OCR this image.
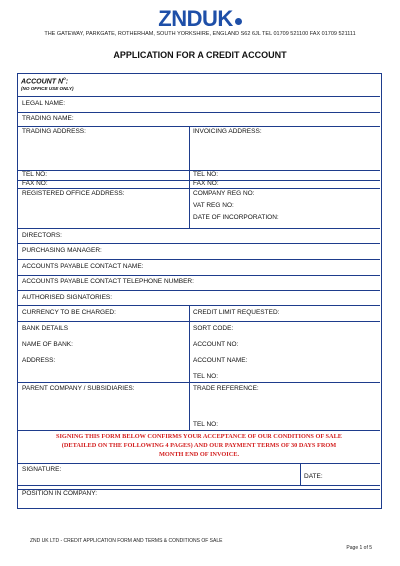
ZNDUK
THE GATEWAY, PARKGATE, ROTHERHAM, SOUTH YORKSHIRE, ENGLAND S62 6JL TEL 01709 521100 FAX 01709 521111
APPLICATION FOR A CREDIT ACCOUNT
ACCOUNT $N^o$:
(NO OFFICE USE ONLY)
LEGAL NAME:
TRADING NAME:
TRADING ADDRESS:	INVOICING ADDRESS:
TEL NO:	TEL NO:
FAX NO:	FAX NO:
REGISTERED OFFICE ADDRESS:	COMPANY REG NO:
VAT REG NO:
DATE OF INCORPORATION:
DIRECTORS:
PURCHASING MANAGER:
ACCOUNTS PAYABLE CONTACT NAME:
ACCOUNTS PAYABLE CONTACT TELEPHONE NUMBER:
AUTHORISED SIGNATORIES:
CURRENCY TO BE CHARGED:	CREDIT LIMIT REQUESTED:
BANK DETAILS	SORT CODE:
NAME OF BANK:	ACCOUNT NO:
ADDRESS:	ACCOUNT NAME:
TEL NO:
PARENT COMPANY / SUBSIDIARIES:	TRADE REFERENCE:
TEL NO:
SIGNING THIS FORM BELOW CONFIRMS YOUR ACCEPTANCE OF OUR CONDITIONS OF SALE
(DETAILED ON THE FOLLOWING 4 PAGES) AND OUR PAYMENT TERMS OF 30 DAYS FROM
MONTH END OF INVOICE.
SIGNATURE:
DATE:
POSITION IN COMPANY:
ZND UK LTD - CREDIT APPLICATION FORM AND TERMS & CONDITIONS OF SALE
Page 1 of 5
